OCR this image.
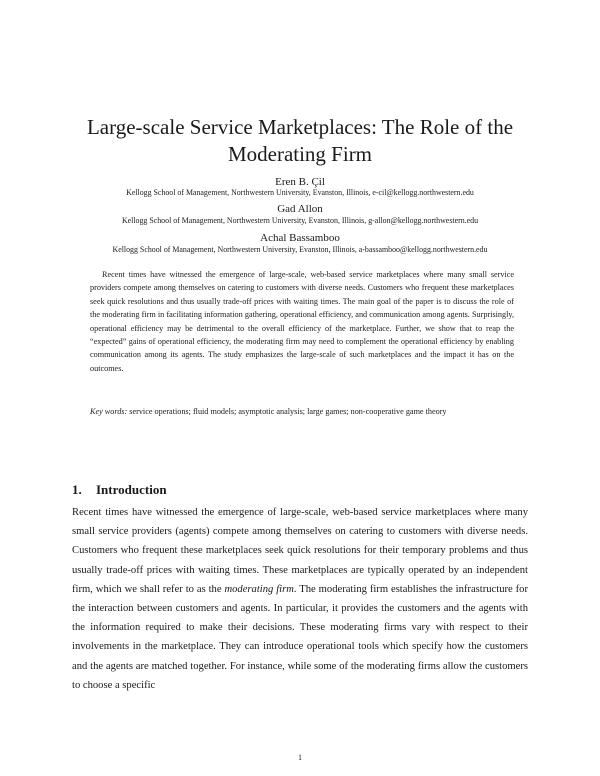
Large-scale Service Marketplaces: The Role of the Moderating Firm
Eren B. Çil
Kellogg School of Management, Northwestern University, Evanston, Illinois, e-cil@kellogg.northwestern.edu
Gad Allon
Kellogg School of Management, Northwestern University, Evanston, Illinois, g-allon@kellogg.northwestern.edu
Achal Bassamboo
Kellogg School of Management, Northwestern University, Evanston, Illinois, a-bassamboo@kellogg.northwestern.edu

Recent times have witnessed the emergence of large-scale, web-based service marketplaces where many small service providers compete among themselves on catering to customers with diverse needs. Customers who frequent these marketplaces seek quick resolutions and thus usually trade-off prices with waiting times. The main goal of the paper is to discuss the role of the moderating firm in facilitating information gathering, operational efficiency, and communication among agents. Surprisingly, operational efficiency may be detrimental to the overall efficiency of the marketplace. Further, we show that to reap the “expected” gains of operational efficiency, the moderating firm may need to complement the operational efficiency by enabling communication among its agents. The study emphasizes the large-scale of such marketplaces and the impact it has on the outcomes.

Key words: service operations; fluid models; asymptotic analysis; large games; non-cooperative game theory

1. Introduction

Recent times have witnessed the emergence of large-scale, web-based service marketplaces where many small service providers (agents) compete among themselves on catering to customers with diverse needs. Customers who frequent these marketplaces seek quick resolutions for their temporary problems and thus usually trade-off prices with waiting times. These marketplaces are typically operated by an independent firm, which we shall refer to as the moderating firm. The moderating firm establishes the infrastructure for the interaction between customers and agents. In particular, it provides the customers and the agents with the information required to make their decisions. These moderating firms vary with respect to their involvements in the marketplace. They can introduce operational tools which specify how the customers and the agents are matched together. For instance, while some of the moderating firms allow the customers to choose a specific

1
